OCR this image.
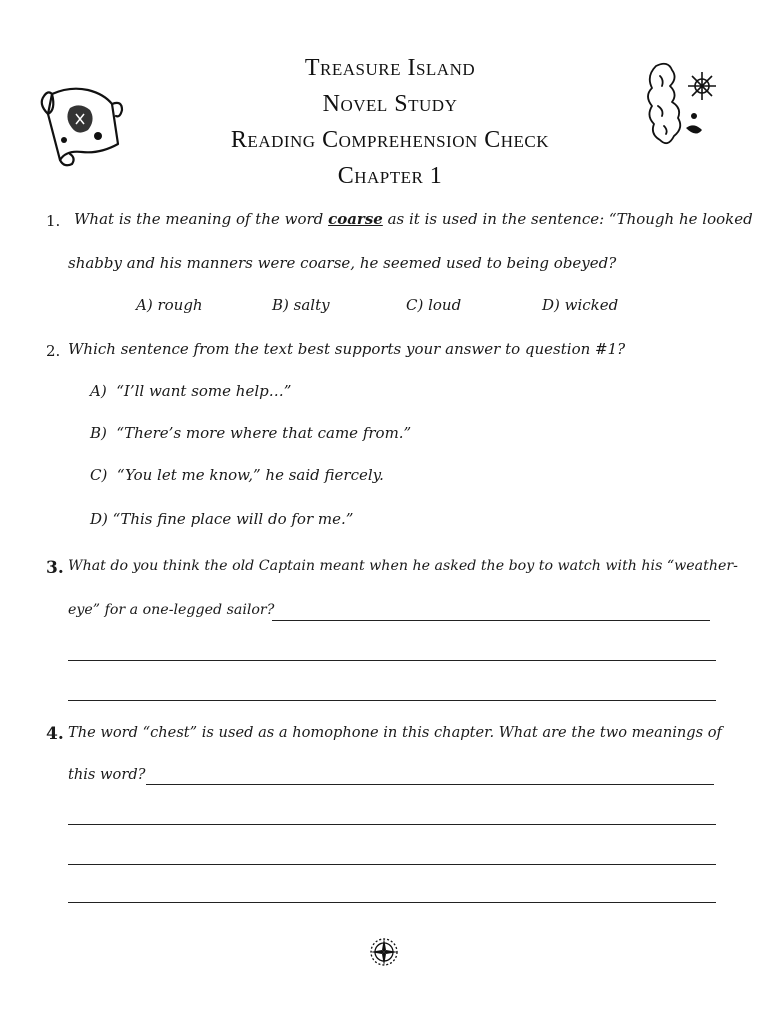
Treasure Island
Novel Study
Reading Comprehension Check
Chapter 1
1. What is the meaning of the word coarse as it is used in the sentence: “Though he looked
shabby and his manners were coarse, he seemed used to being obeyed?
A) rough	B) salty	C) loud	D) wicked
2. Which sentence from the text best supports your answer to question #1?
A) “I’ll want some help…”
B) “There’s more where that came from.”
C) “You let me know,” he said fiercely.
D) “This fine place will do for me.”
3. What do you think the old Captain meant when he asked the boy to watch with his “weather-
eye” for a one-legged sailor?
4. The word “chest” is used as a homophone in this chapter. What are the two meanings of
this word?
